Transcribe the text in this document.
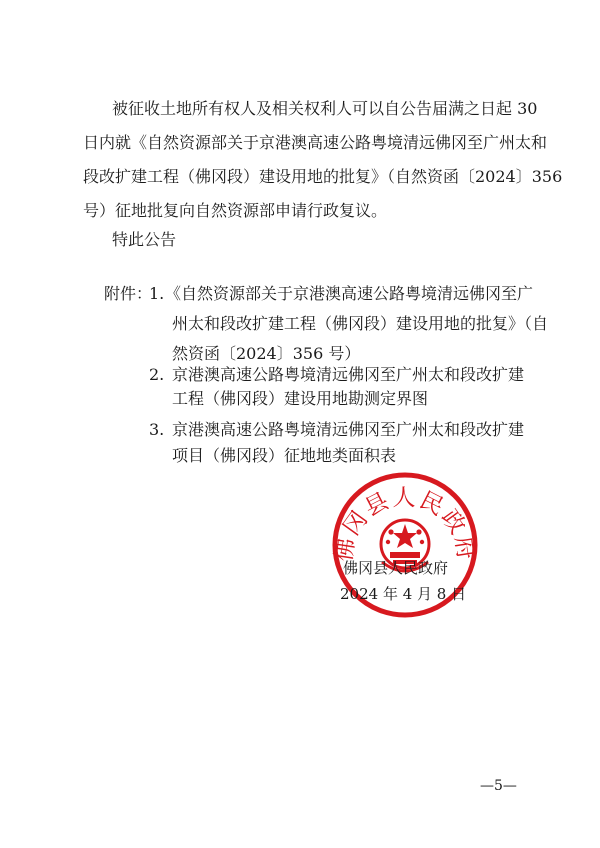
被征收土地所有权人及相关权利人可以自公告届满之日起 30
日内就《自然资源部关于京港澳高速公路粤境清远佛冈至广州太和
段改扩建工程（佛冈段）建设用地的批复》（自然资函〔2024〕356
号）征地批复向自然资源部申请行政复议。
特此公告
附件：
1. 《自然资源部关于京港澳高速公路粤境清远佛冈至广
州太和段改扩建工程（佛冈段）建设用地的批复》（自
然资函〔2024〕356 号）
2. 京港澳高速公路粤境清远佛冈至广州太和段改扩建
工程（佛冈段）建设用地勘测定界图
3. 京港澳高速公路粤境清远佛冈至广州太和段改扩建
项目（佛冈段）征地地类面积表
佛冈县人民政府
佛冈县人民政府
2024 年 4 月 8 日
—5—
